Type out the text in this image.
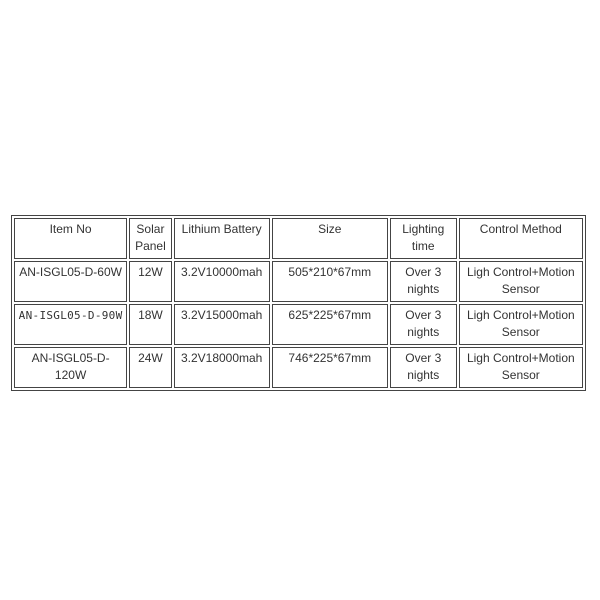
Item No	Solar Panel	Lithium Battery	Size	Lighting time	Control Method
AN-ISGL05-D-60W	12W	3.2V10000mah	505*210*67mm	Over 3 nights	Ligh Control+Motion Sensor
AN-ISGL05-D-90W	18W	3.2V15000mah	625*225*67mm	Over 3 nights	Ligh Control+Motion Sensor
AN-ISGL05-D-120W	24W	3.2V18000mah	746*225*67mm	Over 3 nights	Ligh Control+Motion Sensor
